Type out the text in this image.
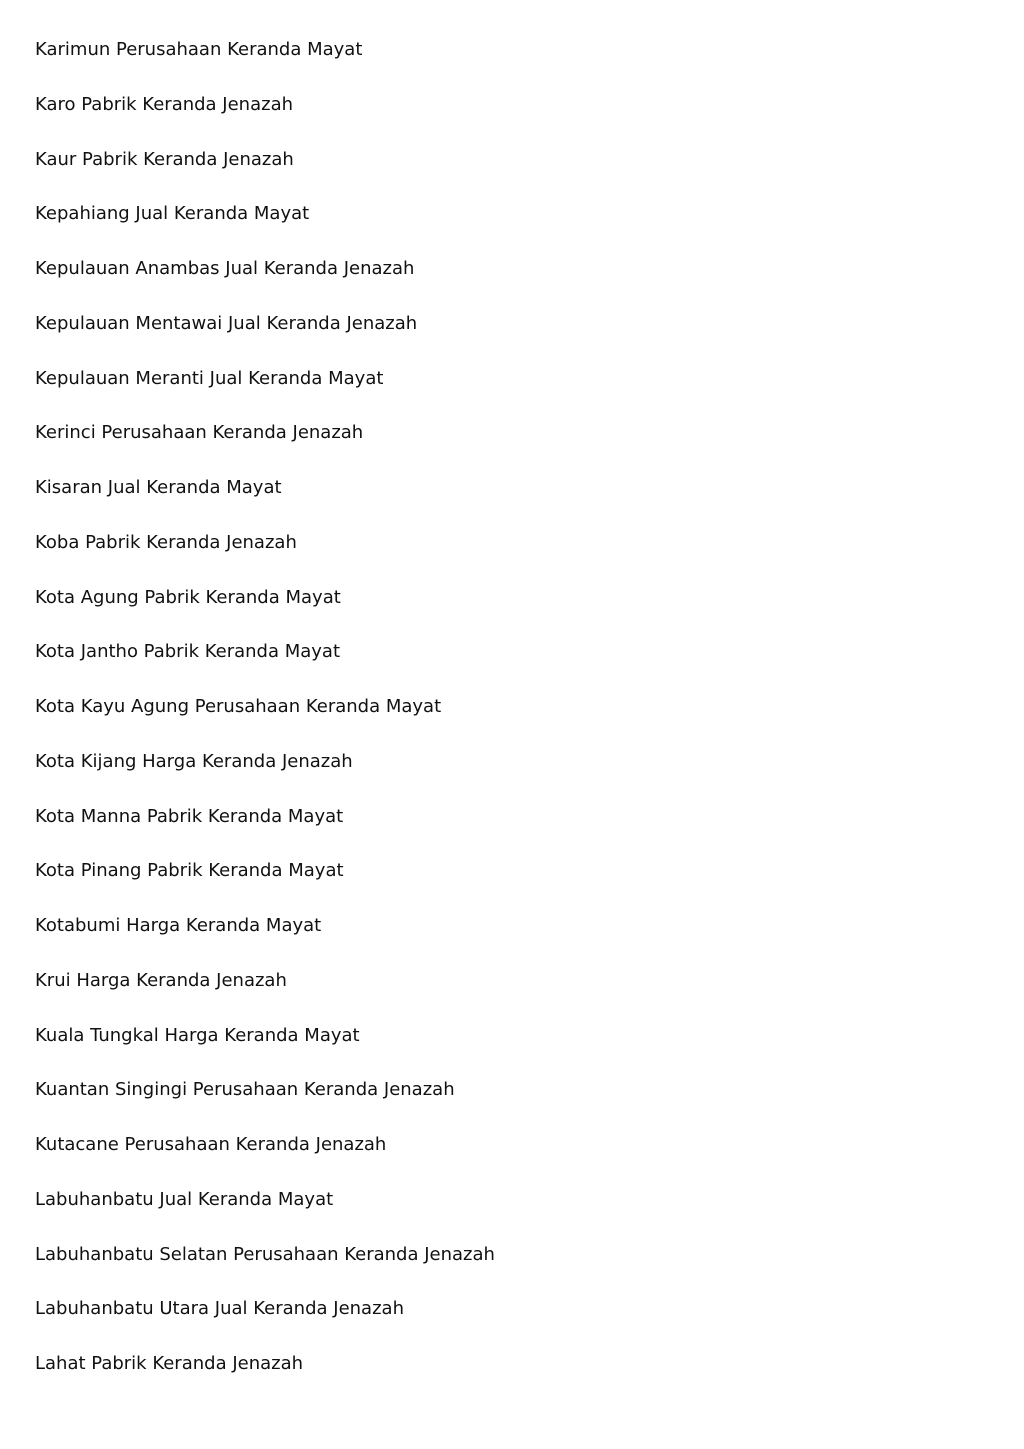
Karimun Perusahaan Keranda Mayat
Karo Pabrik Keranda Jenazah
Kaur Pabrik Keranda Jenazah
Kepahiang Jual Keranda Mayat
Kepulauan Anambas Jual Keranda Jenazah
Kepulauan Mentawai Jual Keranda Jenazah
Kepulauan Meranti Jual Keranda Mayat
Kerinci Perusahaan Keranda Jenazah
Kisaran Jual Keranda Mayat
Koba Pabrik Keranda Jenazah
Kota Agung Pabrik Keranda Mayat
Kota Jantho Pabrik Keranda Mayat
Kota Kayu Agung Perusahaan Keranda Mayat
Kota Kijang Harga Keranda Jenazah
Kota Manna Pabrik Keranda Mayat
Kota Pinang Pabrik Keranda Mayat
Kotabumi Harga Keranda Mayat
Krui Harga Keranda Jenazah
Kuala Tungkal Harga Keranda Mayat
Kuantan Singingi Perusahaan Keranda Jenazah
Kutacane Perusahaan Keranda Jenazah
Labuhanbatu Jual Keranda Mayat
Labuhanbatu Selatan Perusahaan Keranda Jenazah
Labuhanbatu Utara Jual Keranda Jenazah
Lahat Pabrik Keranda Jenazah
